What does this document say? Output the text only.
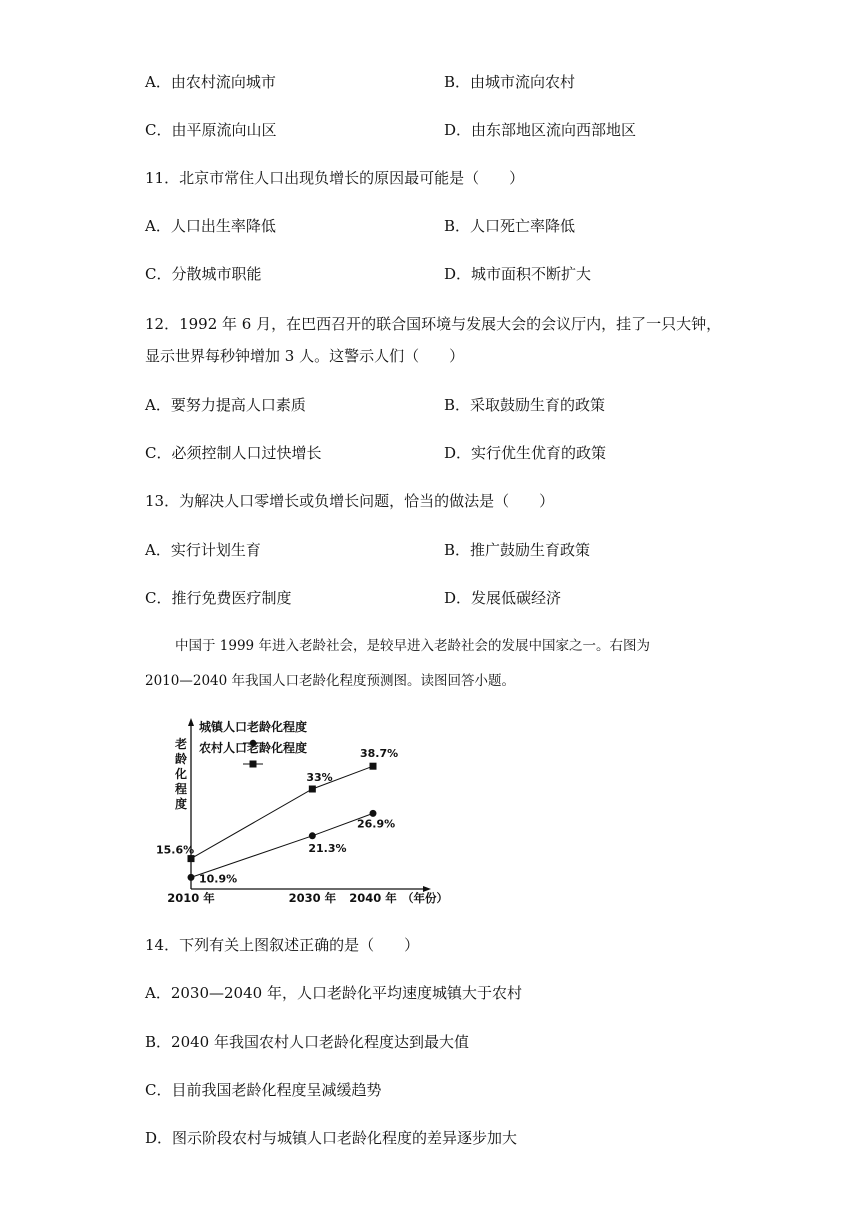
A．由农村流向城市	B．由城市流向农村
C．由平原流向山区	D．由东部地区流向西部地区
11．北京市常住人口出现负增长的原因最可能是（　　）
A．人口出生率降低	B．人口死亡率降低
C．分散城市职能	D．城市面积不断扩大
12．1992 年 6 月，在巴西召开的联合国环境与发展大会的会议厅内，挂了一只大钟，
显示世界每秒钟增加 3 人。这警示人们（　　）
A．要努力提高人口素质	B．采取鼓励生育的政策
C．必须控制人口过快增长	D．实行优生优育的政策
13．为解决人口零增长或负增长问题，恰当的做法是（　　）
A．实行计划生育	B．推广鼓励生育政策
C．推行免费医疗制度	D．发展低碳经济
中国于 1999 年进入老龄社会，是较早进入老龄社会的发展中国家之一。右图为
2010—2040 年我国人口老龄化程度预测图。读图回答小题。
城镇人口老龄化程度
农村人口老龄化程度
10.9%
21.3%
26.9%
15.6%
33%
38.7%
2010 年	2030 年 2040 年 （年份）
老
龄
化
程
度
14．下列有关上图叙述正确的是（　　）
A．2030—2040 年，人口老龄化平均速度城镇大于农村
B．2040 年我国农村人口老龄化程度达到最大值
C．目前我国老龄化程度呈减缓趋势
D．图示阶段农村与城镇人口老龄化程度的差异逐步加大
